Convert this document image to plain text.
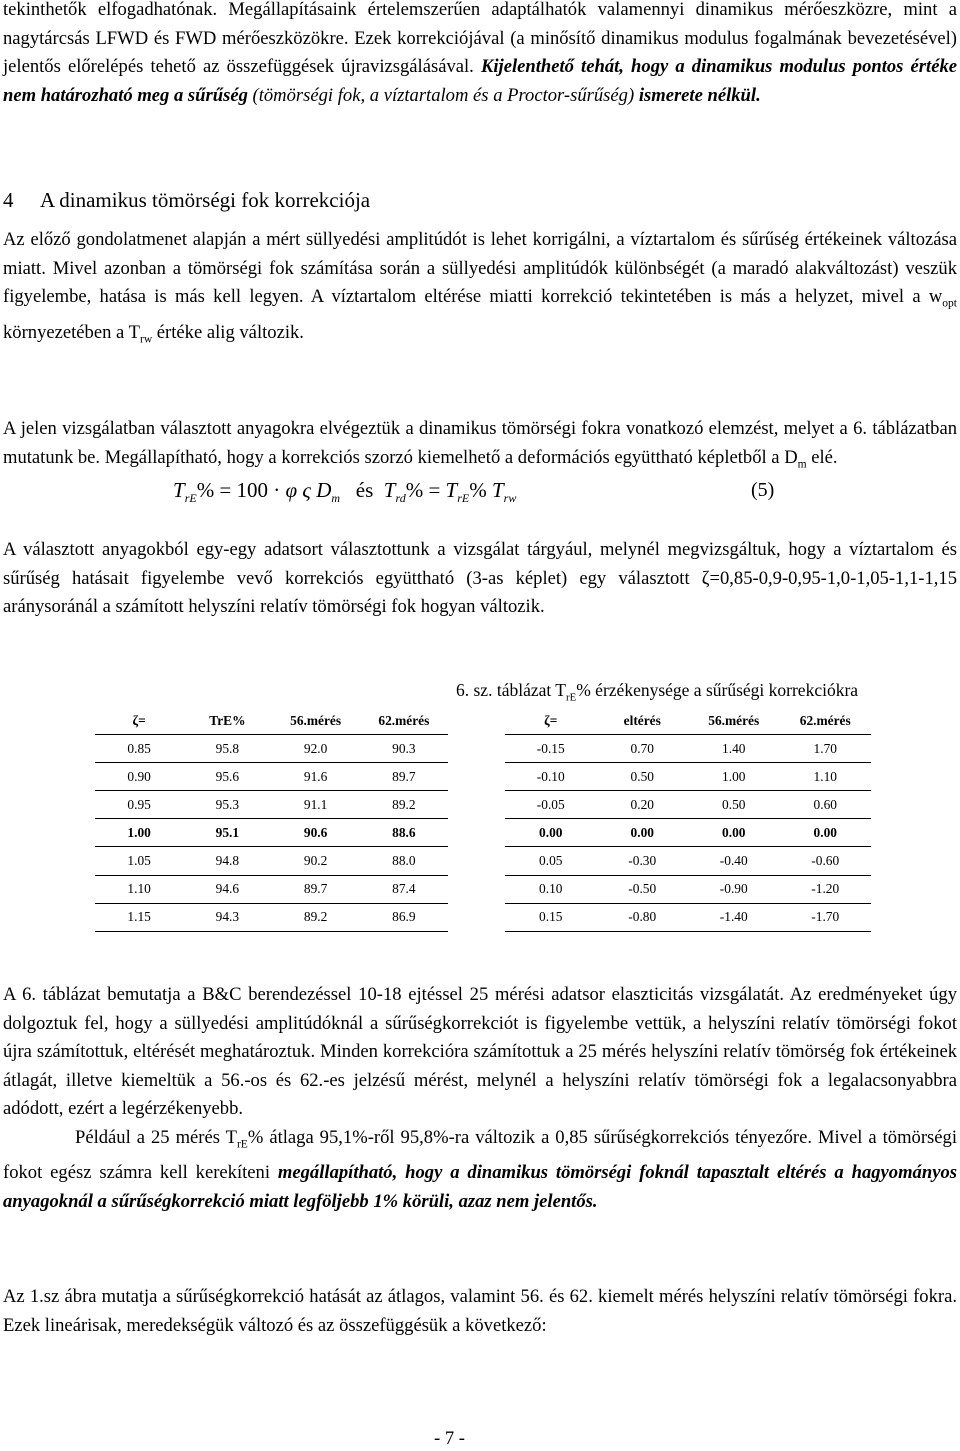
tekinthetők elfogadhatónak. Megállapításaink értelemszerűen adaptálhatók valamennyi dinamikus mérőeszközre, mint a nagytárcsás LFWD és FWD mérőeszközökre. Ezek korrekciójával (a minősítő dinamikus modulus fogalmának bevezetésével) jelentős előrelépés tehető az összefüggések újravizsgálásával. Kijelenthető tehát, hogy a dinamikus modulus pontos értéke nem határozható meg a sűrűség (tömörségi fok, a víztartalom és a Proctor-sűrűség) ismerete nélkül.

4 A dinamikus tömörségi fok korrekciója

Az előző gondolatmenet alapján a mért süllyedési amplitúdót is lehet korrigálni, a víztartalom és sűrűség értékeinek változása miatt. Mivel azonban a tömörségi fok számítása során a süllyedési amplitúdók különbségét (a maradó alakváltozást) veszük figyelembe, hatása is más kell legyen. A víztartalom eltérése miatti korrekció tekintetében is más a helyzet, mivel a $w_{opt}$ környezetében a $T_{rw}$ értéke alig változik.

A jelen vizsgálatban választott anyagokra elvégeztük a dinamikus tömörségi fokra vonatkozó elemzést, melyet a 6. táblázatban mutatunk be. Megállapítható, hogy a korrekciós szorzó kiemelhető a deformációs együttható képletből a $D_m$ elé.

$T_{rE}\% = 100 \cdot \varphi$ ς $D_m$ és $T_{rd}\% = T_{rE}\%$ $T_{rw}$	(5)

A választott anyagokból egy-egy adatsort választottunk a vizsgálat tárgyául, melynél megvizsgáltuk, hogy a víztartalom és sűrűség hatásait figyelembe vevő korrekciós együttható (3-as képlet) egy választott ζ=0,85-0,9-0,95-1,0-1,05-1,1-1,15 aránysoránál a számított helyszíni relatív tömörségi fok hogyan változik.

6. sz. táblázat $T_{rE}\%$ érzékenysége a sűrűségi korrekciókra
ζ=	TrE%	56.mérés	62.mérés
0.85	95.8	92.0	90.3
0.90	95.6	91.6	89.7
0.95	95.3	91.1	89.2
1.00	95.1	90.6	88.6
1.05	94.8	90.2	88.0
1.10	94.6	89.7	87.4
1.15	94.3	89.2	86.9
ζ=	eltérés	56.mérés	62.mérés
-0.15	0.70	1.40	1.70
-0.10	0.50	1.00	1.10
-0.05	0.20	0.50	0.60
0.00	0.00	0.00	0.00
0.05	-0.30	-0.40	-0.60
0.10	-0.50	-0.90	-1.20
0.15	-0.80	-1.40	-1.70

A 6. táblázat bemutatja a B&C berendezéssel 10-18 ejtéssel 25 mérési adatsor elaszticitás vizsgálatát. Az eredményeket úgy dolgoztuk fel, hogy a süllyedési amplitúdóknál a sűrűségkorrekciót is figyelembe vettük, a helyszíni relatív tömörségi fokot újra számítottuk, eltérését meghatároztuk. Minden korrekcióra számítottuk a 25 mérés helyszíni relatív tömörség fok értékeinek átlagát, illetve kiemeltük a 56.-os és 62.-es jelzésű mérést, melynél a helyszíni relatív tömörségi fok a legalacsonyabbra adódott, ezért a legérzékenyebb.
Például a 25 mérés $T_{rE}\%$ átlaga 95,1%-ről 95,8%-ra változik a 0,85 sűrűségkorrekciós tényezőre. Mivel a tömörségi fokot egész számra kell kerekíteni megállapítható, hogy a dinamikus tömörségi foknál tapasztalt eltérés a hagyományos anyagoknál a sűrűségkorrekció miatt legföljebb 1% körüli, azaz nem jelentős.

Az 1.sz ábra mutatja a sűrűségkorrekció hatását az átlagos, valamint 56. és 62. kiemelt mérés helyszíni relatív tömörségi fokra. Ezek lineárisak, meredekségük változó és az összefüggésük a következő:

- 7 -
